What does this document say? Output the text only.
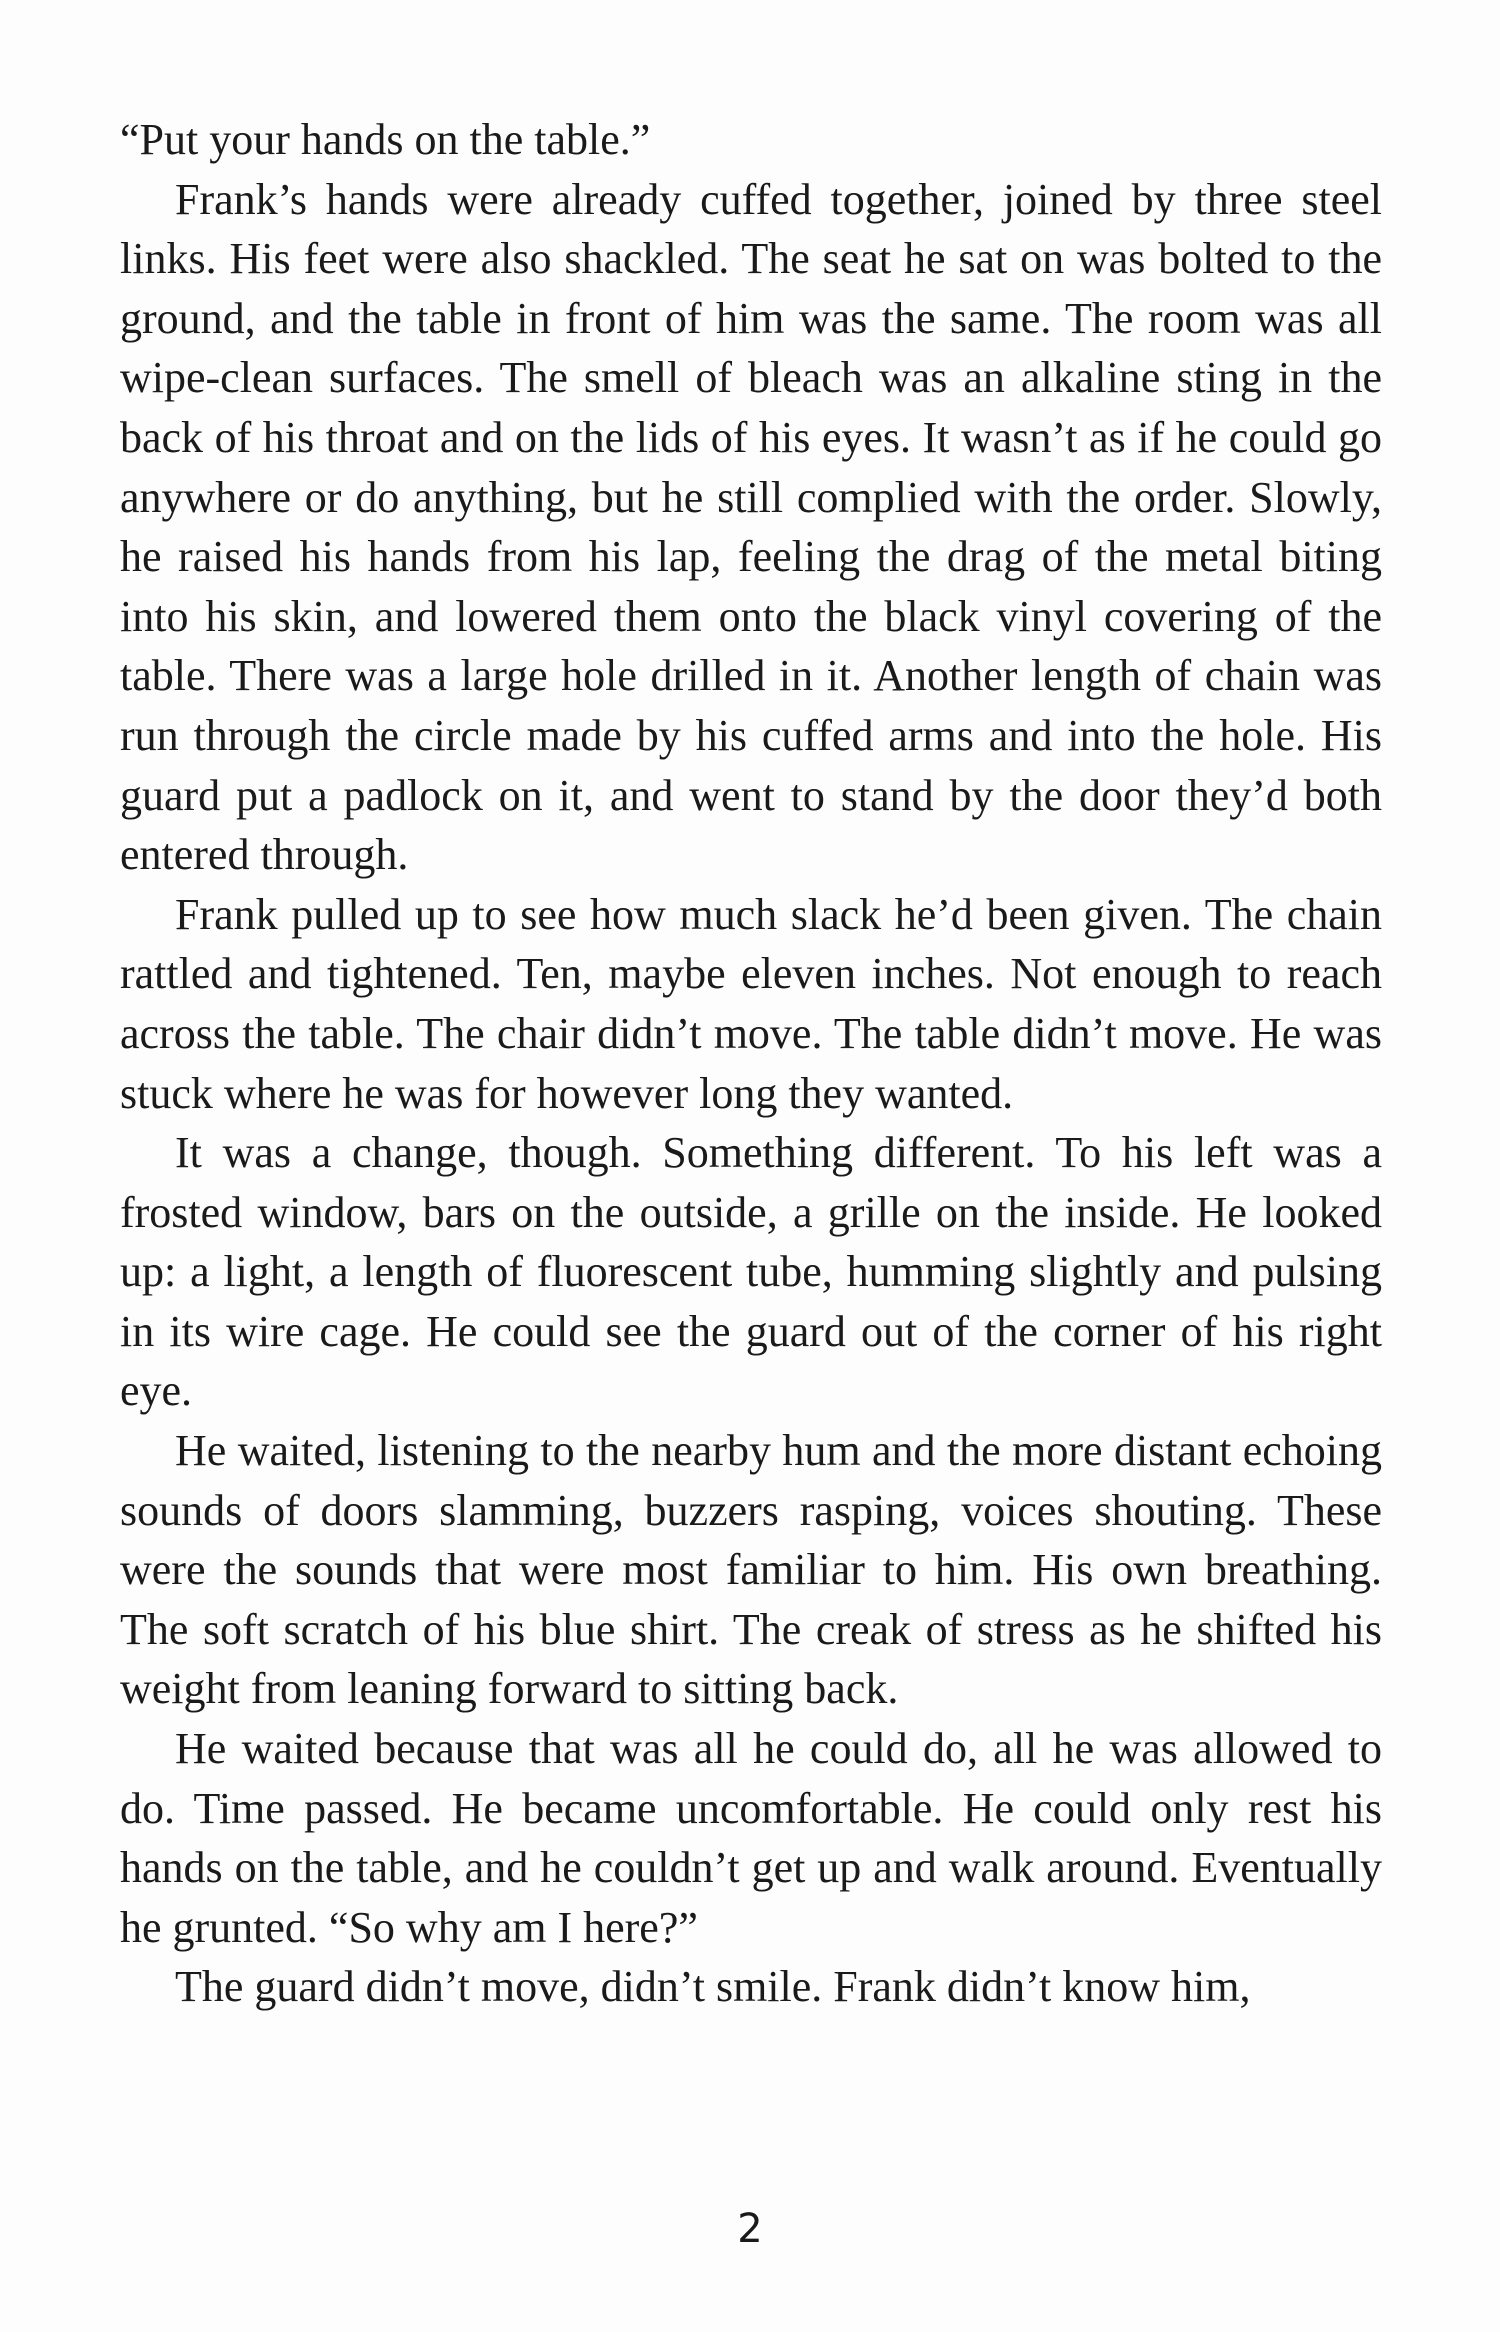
“Put your hands on the table.”

Frank’s hands were already cuffed together, joined by three steel links. His feet were also shackled. The seat he sat on was bolted to the ground, and the table in front of him was the same. The room was all wipe-clean surfaces. The smell of bleach was an alkaline sting in the back of his throat and on the lids of his eyes. It wasn’t as if he could go anywhere or do anything, but he still complied with the order. Slowly, he raised his hands from his lap, feeling the drag of the metal biting into his skin, and lowered them onto the black vinyl covering of the table. There was a large hole drilled in it. Another length of chain was run through the circle made by his cuffed arms and into the hole. His guard put a padlock on it, and went to stand by the door they’d both entered through.

Frank pulled up to see how much slack he’d been given. The chain rattled and tightened. Ten, maybe eleven inches. Not enough to reach across the table. The chair didn’t move. The table didn’t move. He was stuck where he was for however long they wanted.

It was a change, though. Something different. To his left was a frosted window, bars on the outside, a grille on the inside. He looked up: a light, a length of fluorescent tube, humming slightly and pulsing in its wire cage. He could see the guard out of the corner of his right eye.

He waited, listening to the nearby hum and the more distant echoing sounds of doors slamming, buzzers rasping, voices shouting. These were the sounds that were most familiar to him. His own breathing. The soft scratch of his blue shirt. The creak of stress as he shifted his weight from leaning forward to sitting back.

He waited because that was all he could do, all he was allowed to do. Time passed. He became uncomfortable. He could only rest his hands on the table, and he couldn’t get up and walk around. Eventually he grunted. “So why am I here?”

The guard didn’t move, didn’t smile. Frank didn’t know him,

2
